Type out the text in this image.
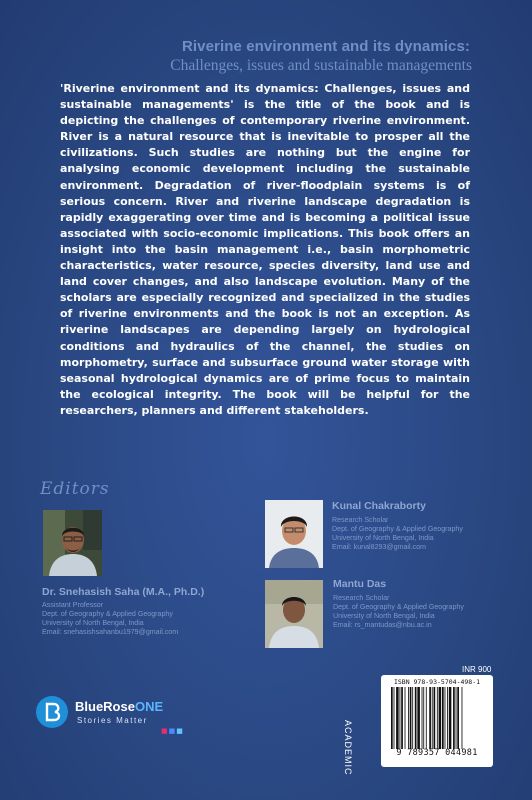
Riverine environment and its dynamics:
Challenges, issues and sustainable managements
'Riverine environment and its dynamics: Challenges, issues and sustainable managements' is the title of the book and is depicting the challenges of contemporary riverine environment. River is a natural resource that is inevitable to prosper all the civilizations. Such studies are nothing but the engine for analysing economic development including the sustainable environment. Degradation of river-floodplain systems is of serious concern. River and riverine landscape degradation is rapidly exaggerating over time and is becoming a political issue associated with socio-economic implications. This book offers an insight into the basin management i.e., basin morphometric characteristics, water resource, species diversity, land use and land cover changes, and also landscape evolution. Many of the scholars are especially recognized and specialized in the studies of riverine environments and the book is not an exception. As riverine landscapes are depending largely on hydrological conditions and hydraulics of the channel, the studies on morphometry, surface and subsurface ground water storage with seasonal hydrological dynamics are of prime focus to maintain the ecological integrity. The book will be helpful for the researchers, planners and different stakeholders.
Editors
Dr. Snehasish Saha (M.A., Ph.D.)
Assistant Professor
Dept. of Geography & Applied Geography
University of North Bengal, India
Email: snehasishsahanbu1979@gmail.com
Kunal Chakraborty
Research Scholar
Dept. of Geography & Applied Geography
University of North Bengal, India
Email: kunal8293@gmail.com
Mantu Das
Research Scholar
Dept. of Geography & Applied Geography
University of North Bengal, India
Email: rs_mantudas@nbu.ac.in
BlueRoseONE
Stories Matter
■■■
INR 900
ACADEMIC
ISBN 978-93-5704-498-1
9 789357 044981
www.BlueRoseOne.com
